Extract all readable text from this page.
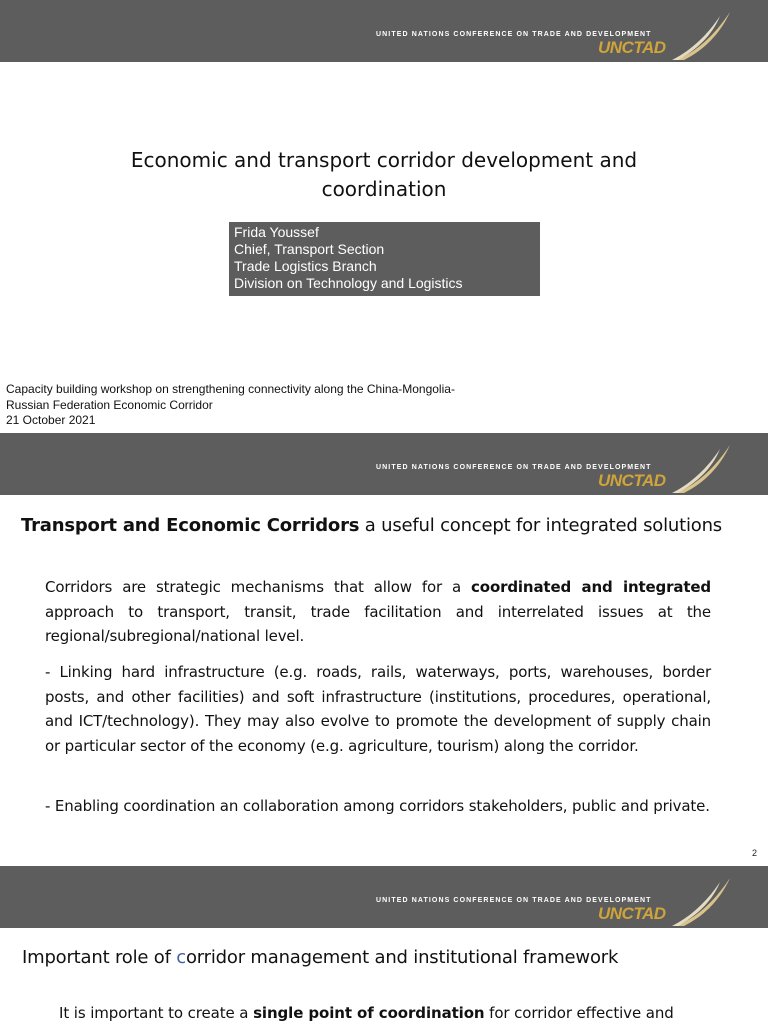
UNITED NATIONS CONFERENCE ON TRADE AND DEVELOPMENT
UNCTAD
Economic and transport corridor development and
coordination
Frida Youssef
Chief, Transport Section
Trade Logistics Branch
Division on Technology and Logistics
Capacity building workshop on strengthening connectivity along the China-Mongolia-
Russian Federation Economic Corridor
21 October 2021
UNITED NATIONS CONFERENCE ON TRADE AND DEVELOPMENT
UNCTAD
Transport and Economic Corridors a useful concept for integrated solutions
Corridors are strategic mechanisms that allow for a coordinated and integrated approach to transport, transit, trade facilitation and interrelated issues at the regional/subregional/national level.
- Linking hard infrastructure (e.g. roads, rails, waterways, ports, warehouses, border posts, and other facilities) and soft infrastructure (institutions, procedures, operational, and ICT/technology). They may also evolve to promote the development of supply chain or particular sector of the economy (e.g. agriculture, tourism) along the corridor.
- Enabling coordination an collaboration among corridors stakeholders, public and private.
2
UNITED NATIONS CONFERENCE ON TRADE AND DEVELOPMENT
UNCTAD
Important role of corridor management and institutional framework
It is important to create a single point of coordination for corridor effective and
